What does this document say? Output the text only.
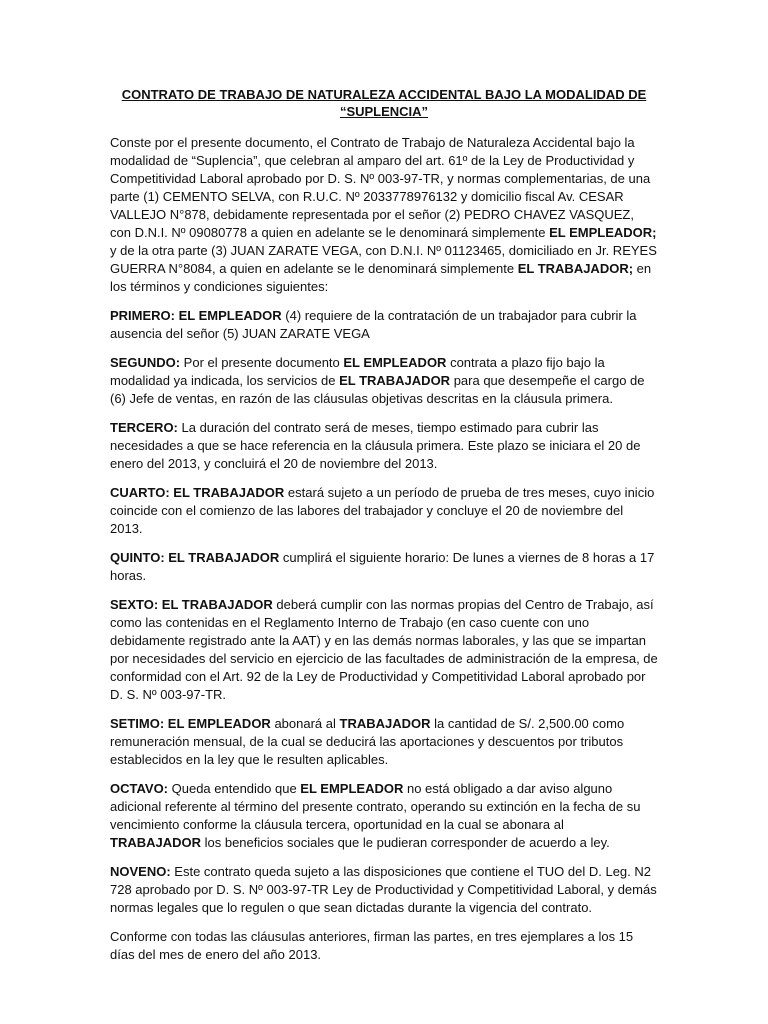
CONTRATO DE TRABAJO DE NATURALEZA ACCIDENTAL BAJO LA MODALIDAD DE
“SUPLENCIA”

Conste por el presente documento, el Contrato de Trabajo de Naturaleza Accidental bajo la modalidad de “Suplencia”, que celebran al amparo del art. 61º de la Ley de Productividad y Competitividad Laboral aprobado por D. S. Nº 003-97-TR, y normas complementarias, de una parte (1) CEMENTO SELVA, con R.U.C. Nº 2033778976132 y domicilio fiscal Av. CESAR VALLEJO N°878, debidamente representada por el señor (2) PEDRO CHAVEZ VASQUEZ, con D.N.I. Nº 09080778 a quien en adelante se le denominará simplemente EL EMPLEADOR; y de la otra parte (3) JUAN ZARATE VEGA, con D.N.I. Nº 01123465, domiciliado en Jr. REYES GUERRA N°8084, a quien en adelante se le denominará simplemente EL TRABAJADOR; en los términos y condiciones siguientes:

PRIMERO: EL EMPLEADOR (4) requiere de la contratación de un trabajador para cubrir la ausencia del señor (5) JUAN ZARATE VEGA

SEGUNDO: Por el presente documento EL EMPLEADOR contrata a plazo fijo bajo la modalidad ya indicada, los servicios de EL TRABAJADOR para que desempeñe el cargo de (6) Jefe de ventas, en razón de las cláusulas objetivas descritas en la cláusula primera.

TERCERO: La duración del contrato será de meses, tiempo estimado para cubrir las necesidades a que se hace referencia en la cláusula primera. Este plazo se iniciara el 20 de enero del 2013, y concluirá el 20 de noviembre del 2013.

CUARTO: EL TRABAJADOR estará sujeto a un período de prueba de tres meses, cuyo inicio coincide con el comienzo de las labores del trabajador y concluye el 20 de noviembre del 2013.

QUINTO: EL TRABAJADOR cumplirá el siguiente horario: De lunes a viernes de 8 horas a 17 horas.

SEXTO: EL TRABAJADOR deberá cumplir con las normas propias del Centro de Trabajo, así como las contenidas en el Reglamento Interno de Trabajo (en caso cuente con uno debidamente registrado ante la AAT) y en las demás normas laborales, y las que se impartan por necesidades del servicio en ejercicio de las facultades de administración de la empresa, de conformidad con el Art. 92 de la Ley de Productividad y Competitividad Laboral aprobado por D. S. Nº 003-97-TR.

SETIMO: EL EMPLEADOR abonará al TRABAJADOR la cantidad de S/. 2,500.00 como remuneración mensual, de la cual se deducirá las aportaciones y descuentos por tributos establecidos en la ley que le resulten aplicables.

OCTAVO: Queda entendido que EL EMPLEADOR no está obligado a dar aviso alguno adicional referente al término del presente contrato, operando su extinción en la fecha de su vencimiento conforme la cláusula tercera, oportunidad en la cual se abonara al TRABAJADOR los beneficios sociales que le pudieran corresponder de acuerdo a ley.

NOVENO: Este contrato queda sujeto a las disposiciones que contiene el TUO del D. Leg. N2 728 aprobado por D. S. Nº 003-97-TR Ley de Productividad y Competitividad Laboral, y demás normas legales que lo regulen o que sean dictadas durante la vigencia del contrato.

Conforme con todas las cláusulas anteriores, firman las partes, en tres ejemplares a los 15 días del mes de enero del año 2013.
